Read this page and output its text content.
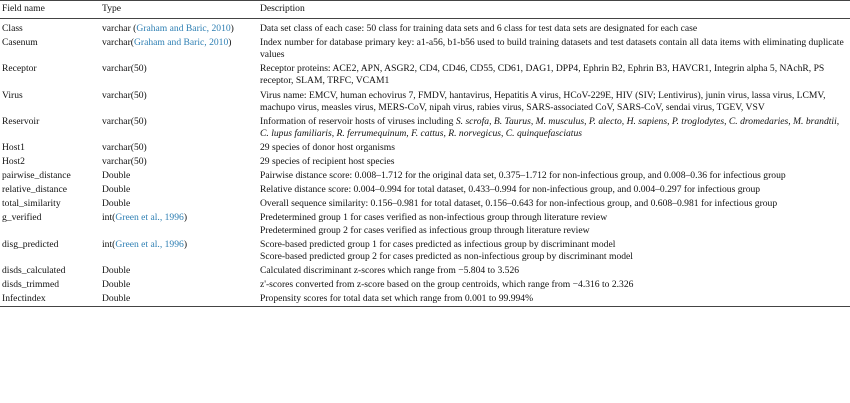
Field name	Type	Description
Class	varchar (Graham and Baric, 2010)	Data set class of each case: 50 class for training data sets and 6 class for test data sets are designated for each case

Casenum	varchar(Graham and Baric, 2010)	Index number for database primary key: a1-a56, b1-b56 used to build training datasets and test datasets contain all data items with eliminating duplicate values

Receptor	varchar(50)	Receptor proteins: ACE2, APN, ASGR2, CD4, CD46, CD55, CD61, DAG1, DPP4, Ephrin B2, Ephrin B3, HAVCR1, Integrin alpha 5, NAchR, PS receptor, SLAM, TRFC, VCAM1

Virus	varchar(50)	Virus name: EMCV, human echovirus 7, FMDV, hantavirus, Hepatitis A virus, HCoV-229E, HIV (SIV; Lentivirus), junin virus, lassa virus, LCMV, machupo virus, measles virus, MERS-CoV, nipah virus, rabies virus, SARS-associated CoV, SARS-CoV, sendai virus, TGEV, VSV

Reservoir	varchar(50)	Information of reservoir hosts of viruses including S. scrofa, B. Taurus, M. musculus, P. alecto, H. sapiens, P. troglodytes, C. dromedaries, M. brandtii, C. lupus familiaris, R. ferrumequinum, F. cattus, R. norvegicus, C. quinquefasciatus
Host1	varchar(50)	29 species of donor host organisms

Host2	varchar(50)	29 species of recipient host species

pairwise_distance	Double	Pairwise distance score: 0.008–1.712 for the original data set, 0.375–1.712 for non-infectious group, and 0.008–0.36 for infectious group

relative_distance	Double	Relative distance score: 0.004–0.994 for total dataset, 0.433–0.994 for non-infectious group, and 0.004–0.297 for infectious group

total_similarity	Double	Overall sequence similarity: 0.156–0.981 for total dataset, 0.156–0.643 for non-infectious group, and 0.608–0.981 for infectious group

g_verified	int(Green et al., 1996)	Predetermined group 1 for cases verified as non-infectious group through literature review
Predetermined group 2 for cases verified as infectious group through literature review

disg_predicted	int(Green et al., 1996)	Score-based predicted group 1 for cases predicted as infectious group by discriminant model
Score-based predicted group 2 for cases predicted as non-infectious group by discriminant model

disds_calculated	Double	Calculated discriminant z-scores which range from −5.804 to 3.526

disds_trimmed	Double	z'-scores converted from z-score based on the group centroids, which range from −4.316 to 2.326

Infectindex	Double	Propensity scores for total data set which range from 0.001 to 99.994%
